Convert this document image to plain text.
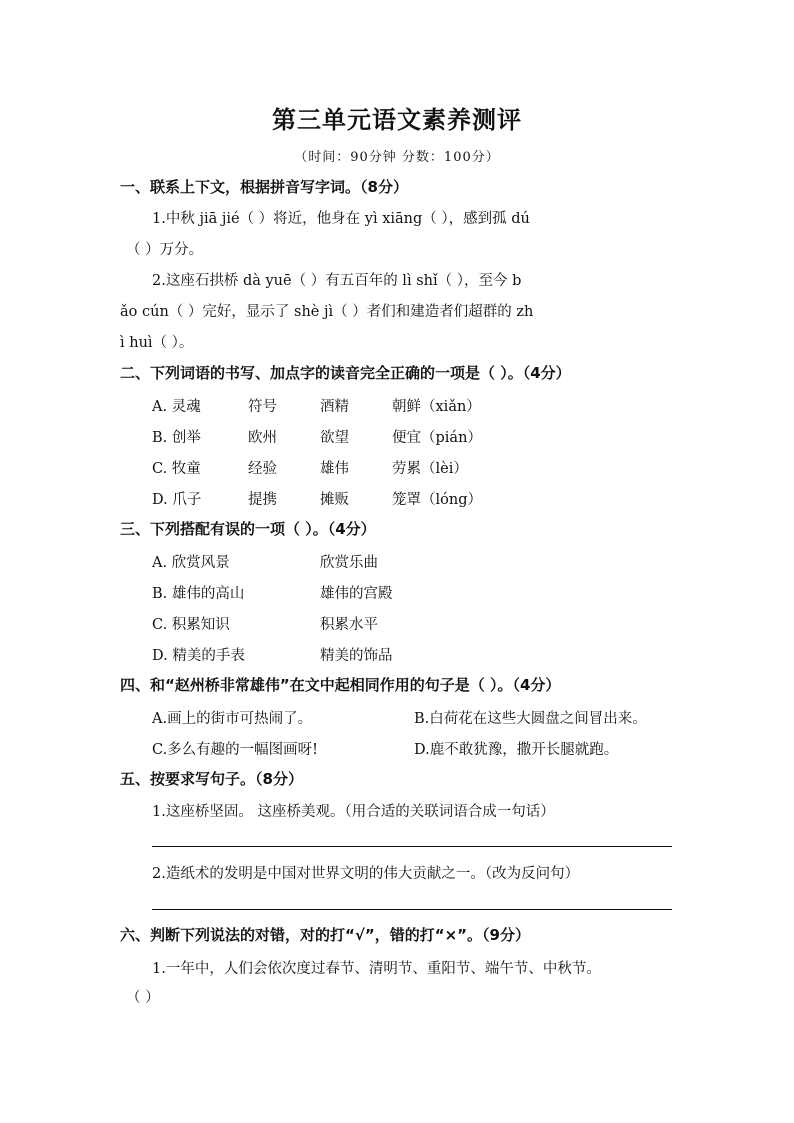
第三单元语文素养测评
（时间：90分钟 分数：100分）
一、联系上下文，根据拼音写字词。（8分）
1.中秋 jiā jié（ ）将近，他身在 yì xiāng（ ），感到孤 dú
（ ）万分。
2.这座石拱桥 dà yuē（ ）有五百年的 lì shǐ（ ），至今 b
ǎo cún（ ）完好，显示了 shè jì（ ）者们和建造者们超群的 zh
ì huì（ ）。
二、下列词语的书写、加点字的读音完全正确的一项是（ ）。（4分）
A. 灵魂	符号	酒精	朝鲜（xiǎn）
B. 创举	欧州	欲望	便宜（pián）
C. 牧童	经验	雄伟	劳累（lèi）
D. 爪子	提携	摊贩	笼罩（lóng）
三、下列搭配有误的一项（ ）。（4分）
A. 欣赏风景	欣赏乐曲
B. 雄伟的高山	雄伟的宫殿
C. 积累知识	积累水平
D. 精美的手表	精美的饰品
四、和“赵州桥非常雄伟”在文中起相同作用的句子是（ ）。（4分）
A.画上的街市可热闹了。	B.白荷花在这些大圆盘之间冒出来。
C.多么有趣的一幅图画呀!	D.鹿不敢犹豫，撒开长腿就跑。
五、按要求写句子。（8分）
1.这座桥坚固。 这座桥美观。（用合适的关联词语合成一句话）
2.造纸术的发明是中国对世界文明的伟大贡献之一。（改为反问句）
六、判断下列说法的对错，对的打“√”，错的打“×”。（9分）
1.一年中，人们会依次度过春节、清明节、重阳节、端午节、中秋节。
（ ）
